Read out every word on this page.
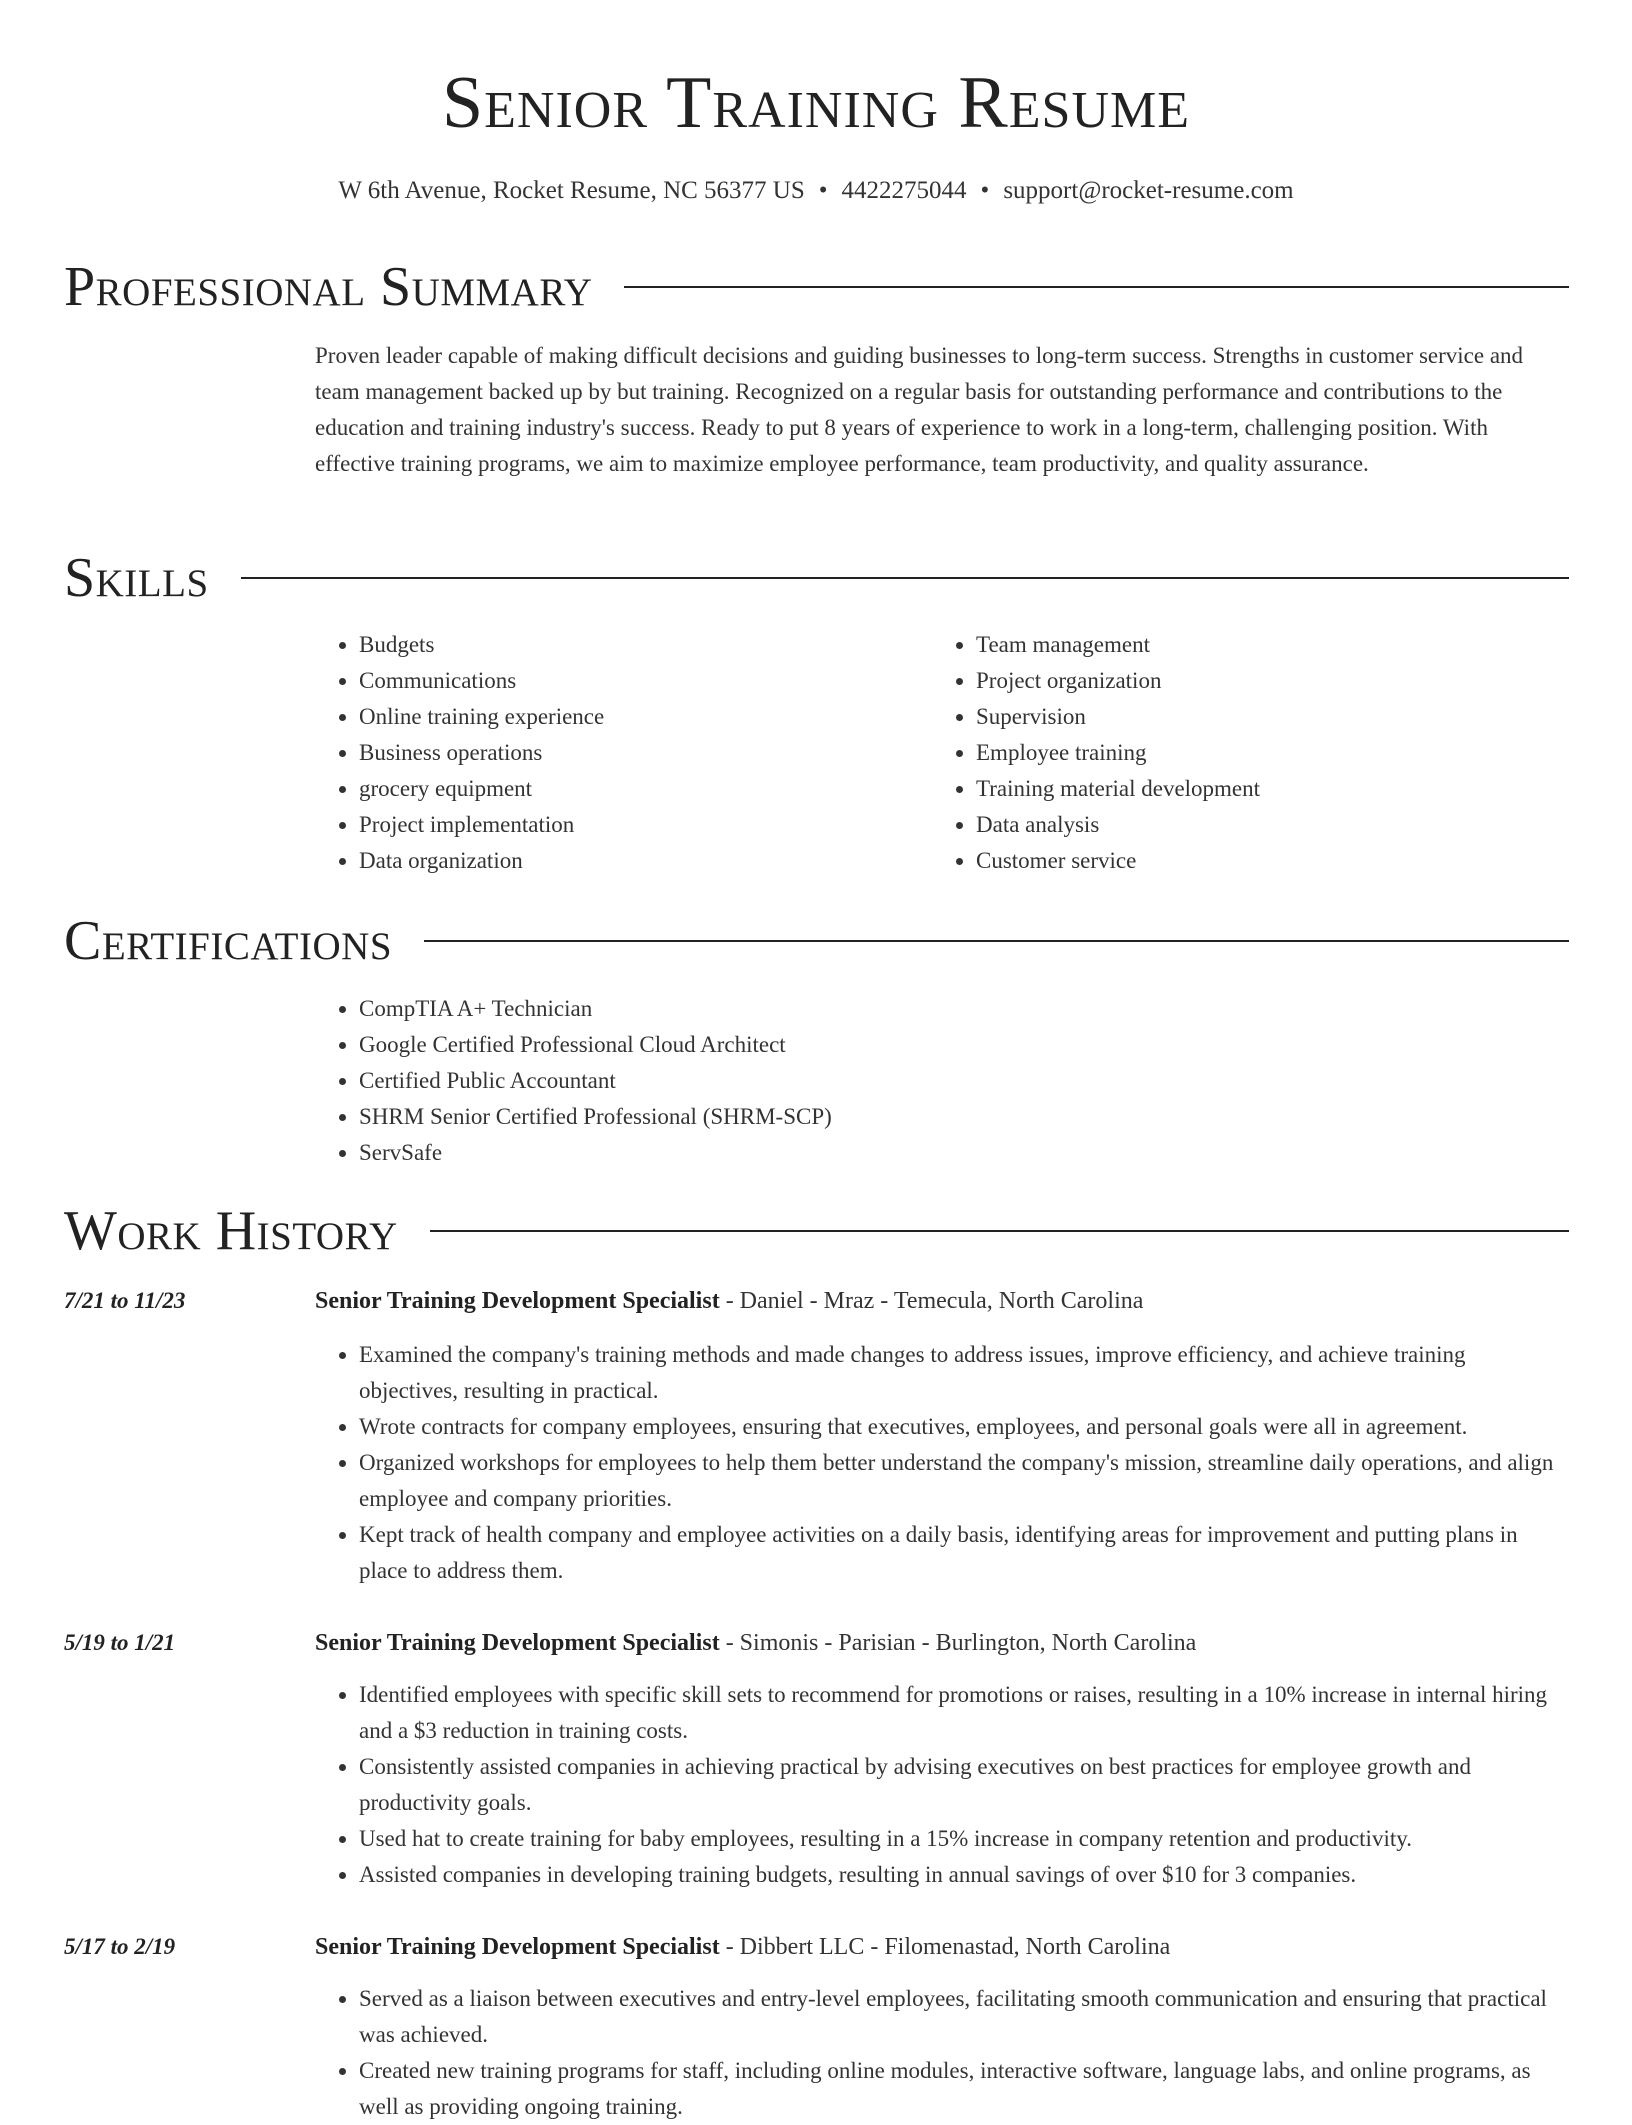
Senior Training Resume
W 6th Avenue, Rocket Resume, NC 56377 US • 4422275044 • support@rocket-resume.com
Professional Summary

Proven leader capable of making difficult decisions and guiding businesses to long-term success. Strengths in customer service and team management backed up by but training. Recognized on a regular basis for outstanding performance and contributions to the education and training industry's success. Ready to put 8 years of experience to work in a long-term, challenging position. With effective training programs, we aim to maximize employee performance, team productivity, and quality assurance.

Skills
• Budgets
• Communications
• Online training experience
• Business operations
• grocery equipment
• Project implementation
• Data organization
• Team management
• Project organization
• Supervision
• Employee training
• Training material development
• Data analysis
• Customer service
Certifications
• CompTIA A+ Technician
• Google Certified Professional Cloud Architect
• Certified Public Accountant
• SHRM Senior Certified Professional (SHRM-SCP)
• ServSafe
Work History
7/21 to 11/23	Senior Training Development Specialist - Daniel - Mraz - Temecula, North Carolina
• Examined the company's training methods and made changes to address issues, improve efficiency, and achieve training objectives, resulting in practical.
• Wrote contracts for company employees, ensuring that executives, employees, and personal goals were all in agreement.
• Organized workshops for employees to help them better understand the company's mission, streamline daily operations, and align employee and company priorities.
• Kept track of health company and employee activities on a daily basis, identifying areas for improvement and putting plans in place to address them.
5/19 to 1/21	Senior Training Development Specialist - Simonis - Parisian - Burlington, North Carolina
• Identified employees with specific skill sets to recommend for promotions or raises, resulting in a 10% increase in internal hiring and a $3 reduction in training costs.
• Consistently assisted companies in achieving practical by advising executives on best practices for employee growth and productivity goals.
• Used hat to create training for baby employees, resulting in a 15% increase in company retention and productivity.
• Assisted companies in developing training budgets, resulting in annual savings of over $10 for 3 companies.
5/17 to 2/19	Senior Training Development Specialist - Dibbert LLC - Filomenastad, North Carolina
• Served as a liaison between executives and entry-level employees, facilitating smooth communication and ensuring that practical was achieved.
• Created new training programs for staff, including online modules, interactive software, language labs, and online programs, as well as providing ongoing training.
